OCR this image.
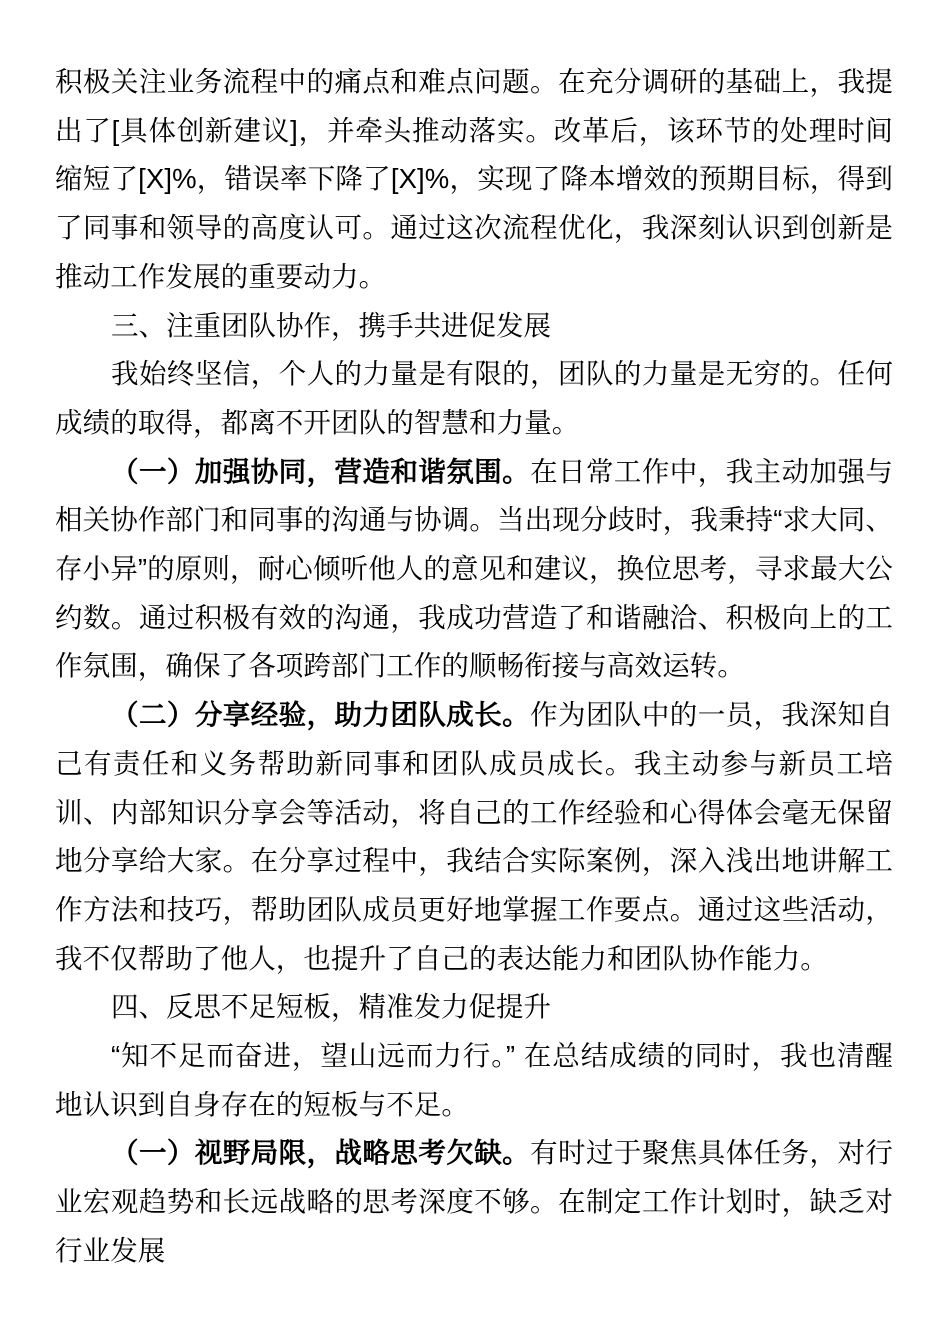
积极关注业务流程中的痛点和难点问题。在充分调研的基础上，我提出了[具体创新建议]，并牵头推动落实。改革后，该环节的处理时间缩短了[X]%，错误率下降了[X]%，实现了降本增效的预期目标，得到了同事和领导的高度认可。通过这次流程优化，我深刻认识到创新是推动工作发展的重要动力。

三、注重团队协作，携手共进促发展

我始终坚信，个人的力量是有限的，团队的力量是无穷的。任何成绩的取得，都离不开团队的智慧和力量。

（一）加强协同，营造和谐氛围。在日常工作中，我主动加强与相关协作部门和同事的沟通与协调。当出现分歧时，我秉持“求大同、存小异”的原则，耐心倾听他人的意见和建议，换位思考，寻求最大公约数。通过积极有效的沟通，我成功营造了和谐融洽、积极向上的工作氛围，确保了各项跨部门工作的顺畅衔接与高效运转。

（二）分享经验，助力团队成长。作为团队中的一员，我深知自己有责任和义务帮助新同事和团队成员成长。我主动参与新员工培训、内部知识分享会等活动，将自己的工作经验和心得体会毫无保留地分享给大家。在分享过程中，我结合实际案例，深入浅出地讲解工作方法和技巧，帮助团队成员更好地掌握工作要点。通过这些活动，我不仅帮助了他人，也提升了自己的表达能力和团队协作能力。

四、反思不足短板，精准发力促提升

“知不足而奋进，望山远而力行。” 在总结成绩的同时，我也清醒地认识到自身存在的短板与不足。

（一）视野局限，战略思考欠缺。有时过于聚焦具体任务，对行业宏观趋势和长远战略的思考深度不够。在制定工作计划时，缺乏对行业发展
